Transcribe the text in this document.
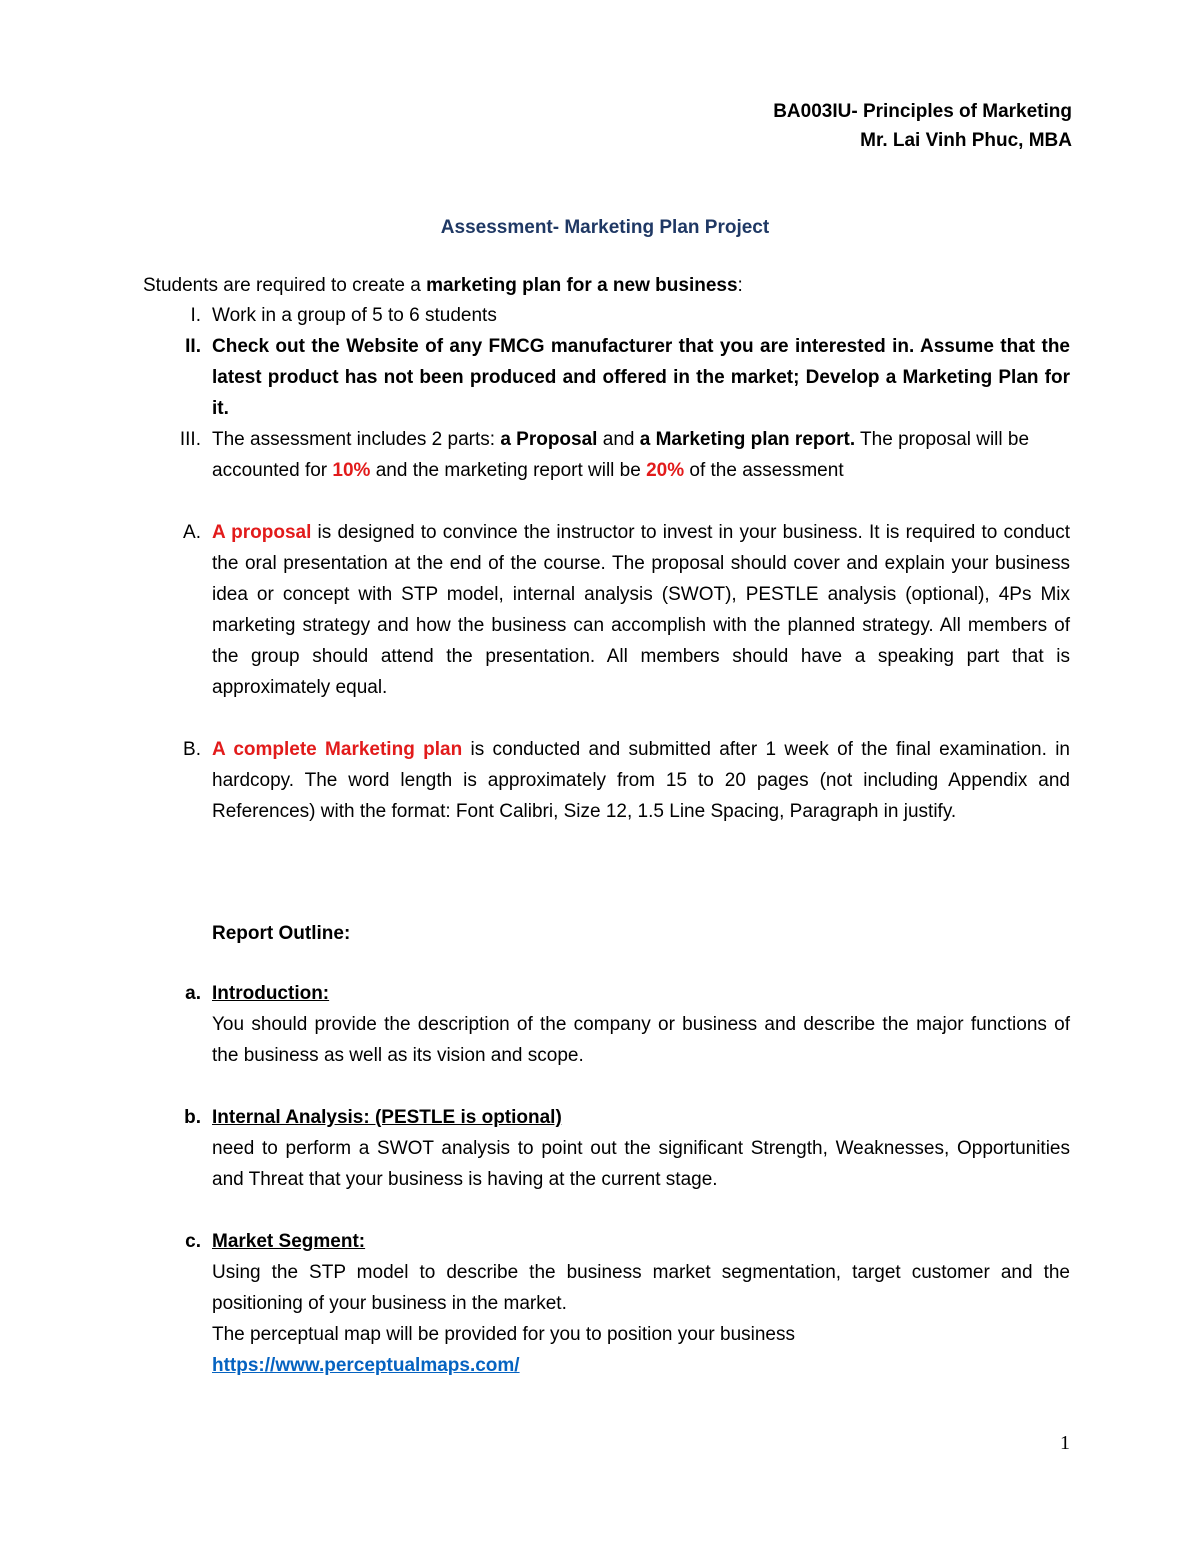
BA003IU- Principles of Marketing
Mr. Lai Vinh Phuc, MBA
Assessment- Marketing Plan Project
Students are required to create a marketing plan for a new business:
I. Work in a group of 5 to 6 students
II. Check out the Website of any FMCG manufacturer that you are interested in. Assume that the latest product has not been produced and offered in the market; Develop a Marketing Plan for it.
III. The assessment includes 2 parts: a Proposal and a Marketing plan report. The proposal will be accounted for 10% and the marketing report will be 20% of the assessment
A. A proposal is designed to convince the instructor to invest in your business. It is required to conduct the oral presentation at the end of the course. The proposal should cover and explain your business idea or concept with STP model, internal analysis (SWOT), PESTLE analysis (optional), 4Ps Mix marketing strategy and how the business can accomplish with the planned strategy. All members of the group should attend the presentation. All members should have a speaking part that is approximately equal.
B. A complete Marketing plan is conducted and submitted after 1 week of the final examination. in hardcopy. The word length is approximately from 15 to 20 pages (not including Appendix and References) with the format: Font Calibri, Size 12, 1.5 Line Spacing, Paragraph in justify.
Report Outline:
a. Introduction:
You should provide the description of the company or business and describe the major functions of the business as well as its vision and scope.
b. Internal Analysis: (PESTLE is optional)
need to perform a SWOT analysis to point out the significant Strength, Weaknesses, Opportunities and Threat that your business is having at the current stage.
c. Market Segment:
Using the STP model to describe the business market segmentation, target customer and the positioning of your business in the market.
The perceptual map will be provided for you to position your business
https://www.perceptualmaps.com/
1
